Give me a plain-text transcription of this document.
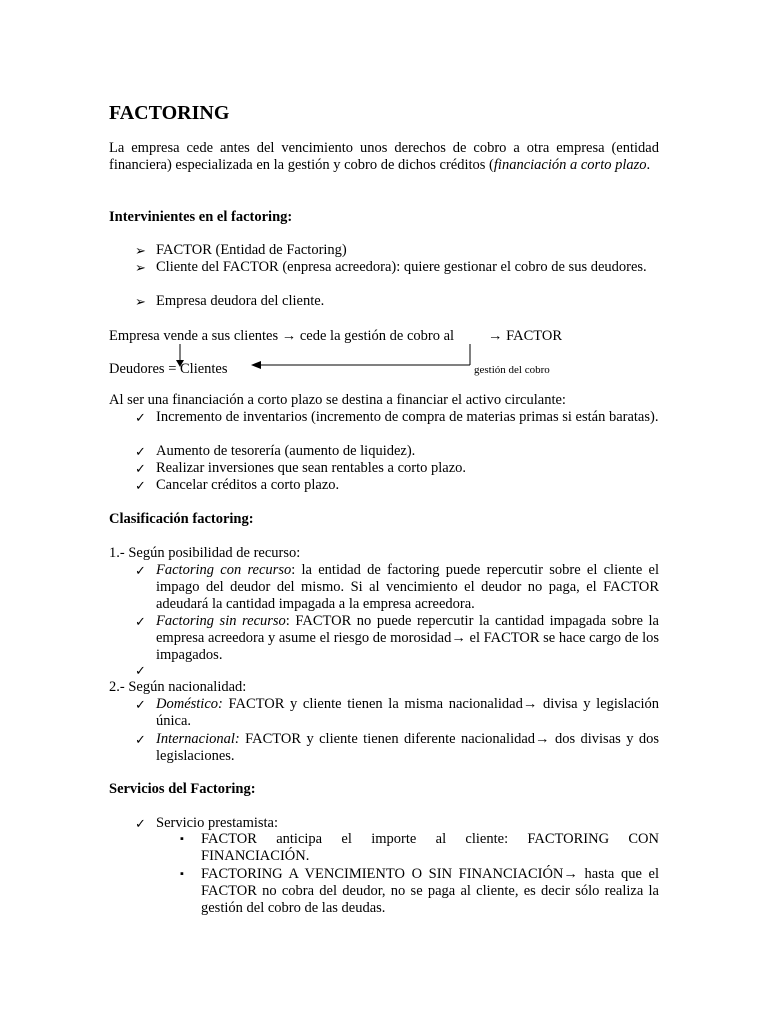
FACTORING
La empresa cede antes del vencimiento unos derechos de cobro a otra empresa (entidad financiera) especializada en la gestión y cobro de dichos créditos (financiación a corto plazo.
Intervinientes en el factoring:
➢ FACTOR (Entidad de Factoring)
➢ Cliente del FACTOR (enpresa acreedora): quiere gestionar el cobro de sus deudores.
➢ Empresa deudora del cliente.
Empresa vende a sus clientes → cede la gestión de cobro al → FACTOR
Deudores = Clientes	gestión del cobro
Al ser una financiación a corto plazo se destina a financiar el activo circulante:
✓ Incremento de inventarios (incremento de compra de materias primas si están baratas).
✓ Aumento de tesorería (aumento de liquidez).
✓ Realizar inversiones que sean rentables a corto plazo.
✓ Cancelar créditos a corto plazo.
Clasificación factoring:
1.- Según posibilidad de recurso:
✓ Factoring con recurso: la entidad de factoring puede repercutir sobre el cliente el impago del deudor del mismo. Si al vencimiento el deudor no paga, el FACTOR adeudará la cantidad impagada a la empresa acreedora.
✓ Factoring sin recurso: FACTOR no puede repercutir la cantidad impagada sobre la empresa acreedora y asume el riesgo de morosidad→ el FACTOR se hace cargo de los impagados.
✓
2.- Según nacionalidad:
✓ Doméstico: FACTOR y cliente tienen la misma nacionalidad→ divisa y legislación única.
✓ Internacional: FACTOR y cliente tienen diferente nacionalidad→ dos divisas y dos legislaciones.
Servicios del Factoring:
✓ Servicio prestamista:
▪ FACTOR anticipa el importe al cliente: FACTORING CON FINANCIACIÓN.
▪ FACTORING A VENCIMIENTO O SIN FINANCIACIÓN→ hasta que el FACTOR no cobra del deudor, no se paga al cliente, es decir sólo realiza la gestión del cobro de las deudas.
